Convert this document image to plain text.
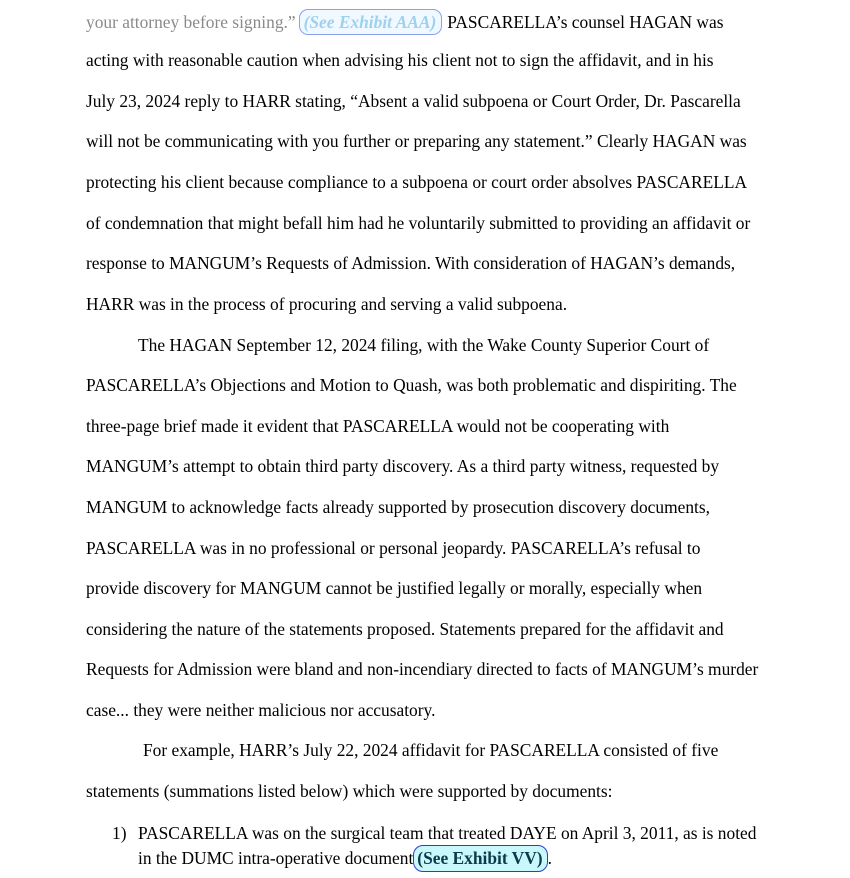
your attorney before signing.” (See Exhibit AAA) PASCARELLA’s counsel HAGAN was
acting with reasonable caution when advising his client not to sign the affidavit, and in his
July 23, 2024 reply to HARR stating, “Absent a valid subpoena or Court Order, Dr. Pascarella
will not be communicating with you further or preparing any statement.” Clearly HAGAN was
protecting his client because compliance to a subpoena or court order absolves PASCARELLA
of condemnation that might befall him had he voluntarily submitted to providing an affidavit or
response to MANGUM’s Requests of Admission. With consideration of HAGAN’s demands,
HARR was in the process of procuring and serving a valid subpoena.
The HAGAN September 12, 2024 filing, with the Wake County Superior Court of
PASCARELLA’s Objections and Motion to Quash, was both problematic and dispiriting. The
three-page brief made it evident that PASCARELLA would not be cooperating with
MANGUM’s attempt to obtain third party discovery. As a third party witness, requested by
MANGUM to acknowledge facts already supported by prosecution discovery documents,
PASCARELLA was in no professional or personal jeopardy. PASCARELLA’s refusal to
provide discovery for MANGUM cannot be justified legally or morally, especially when
considering the nature of the statements proposed. Statements prepared for the affidavit and
Requests for Admission were bland and non-incendiary directed to facts of MANGUM’s murder
case... they were neither malicious nor accusatory.
For example, HARR’s July 22, 2024 affidavit for PASCARELLA consisted of five
statements (summations listed below) which were supported by documents:
1) PASCARELLA was on the surgical team that treated DAYE on April 3, 2011, as is noted
in the DUMC intra-operative document (See Exhibit VV) .
